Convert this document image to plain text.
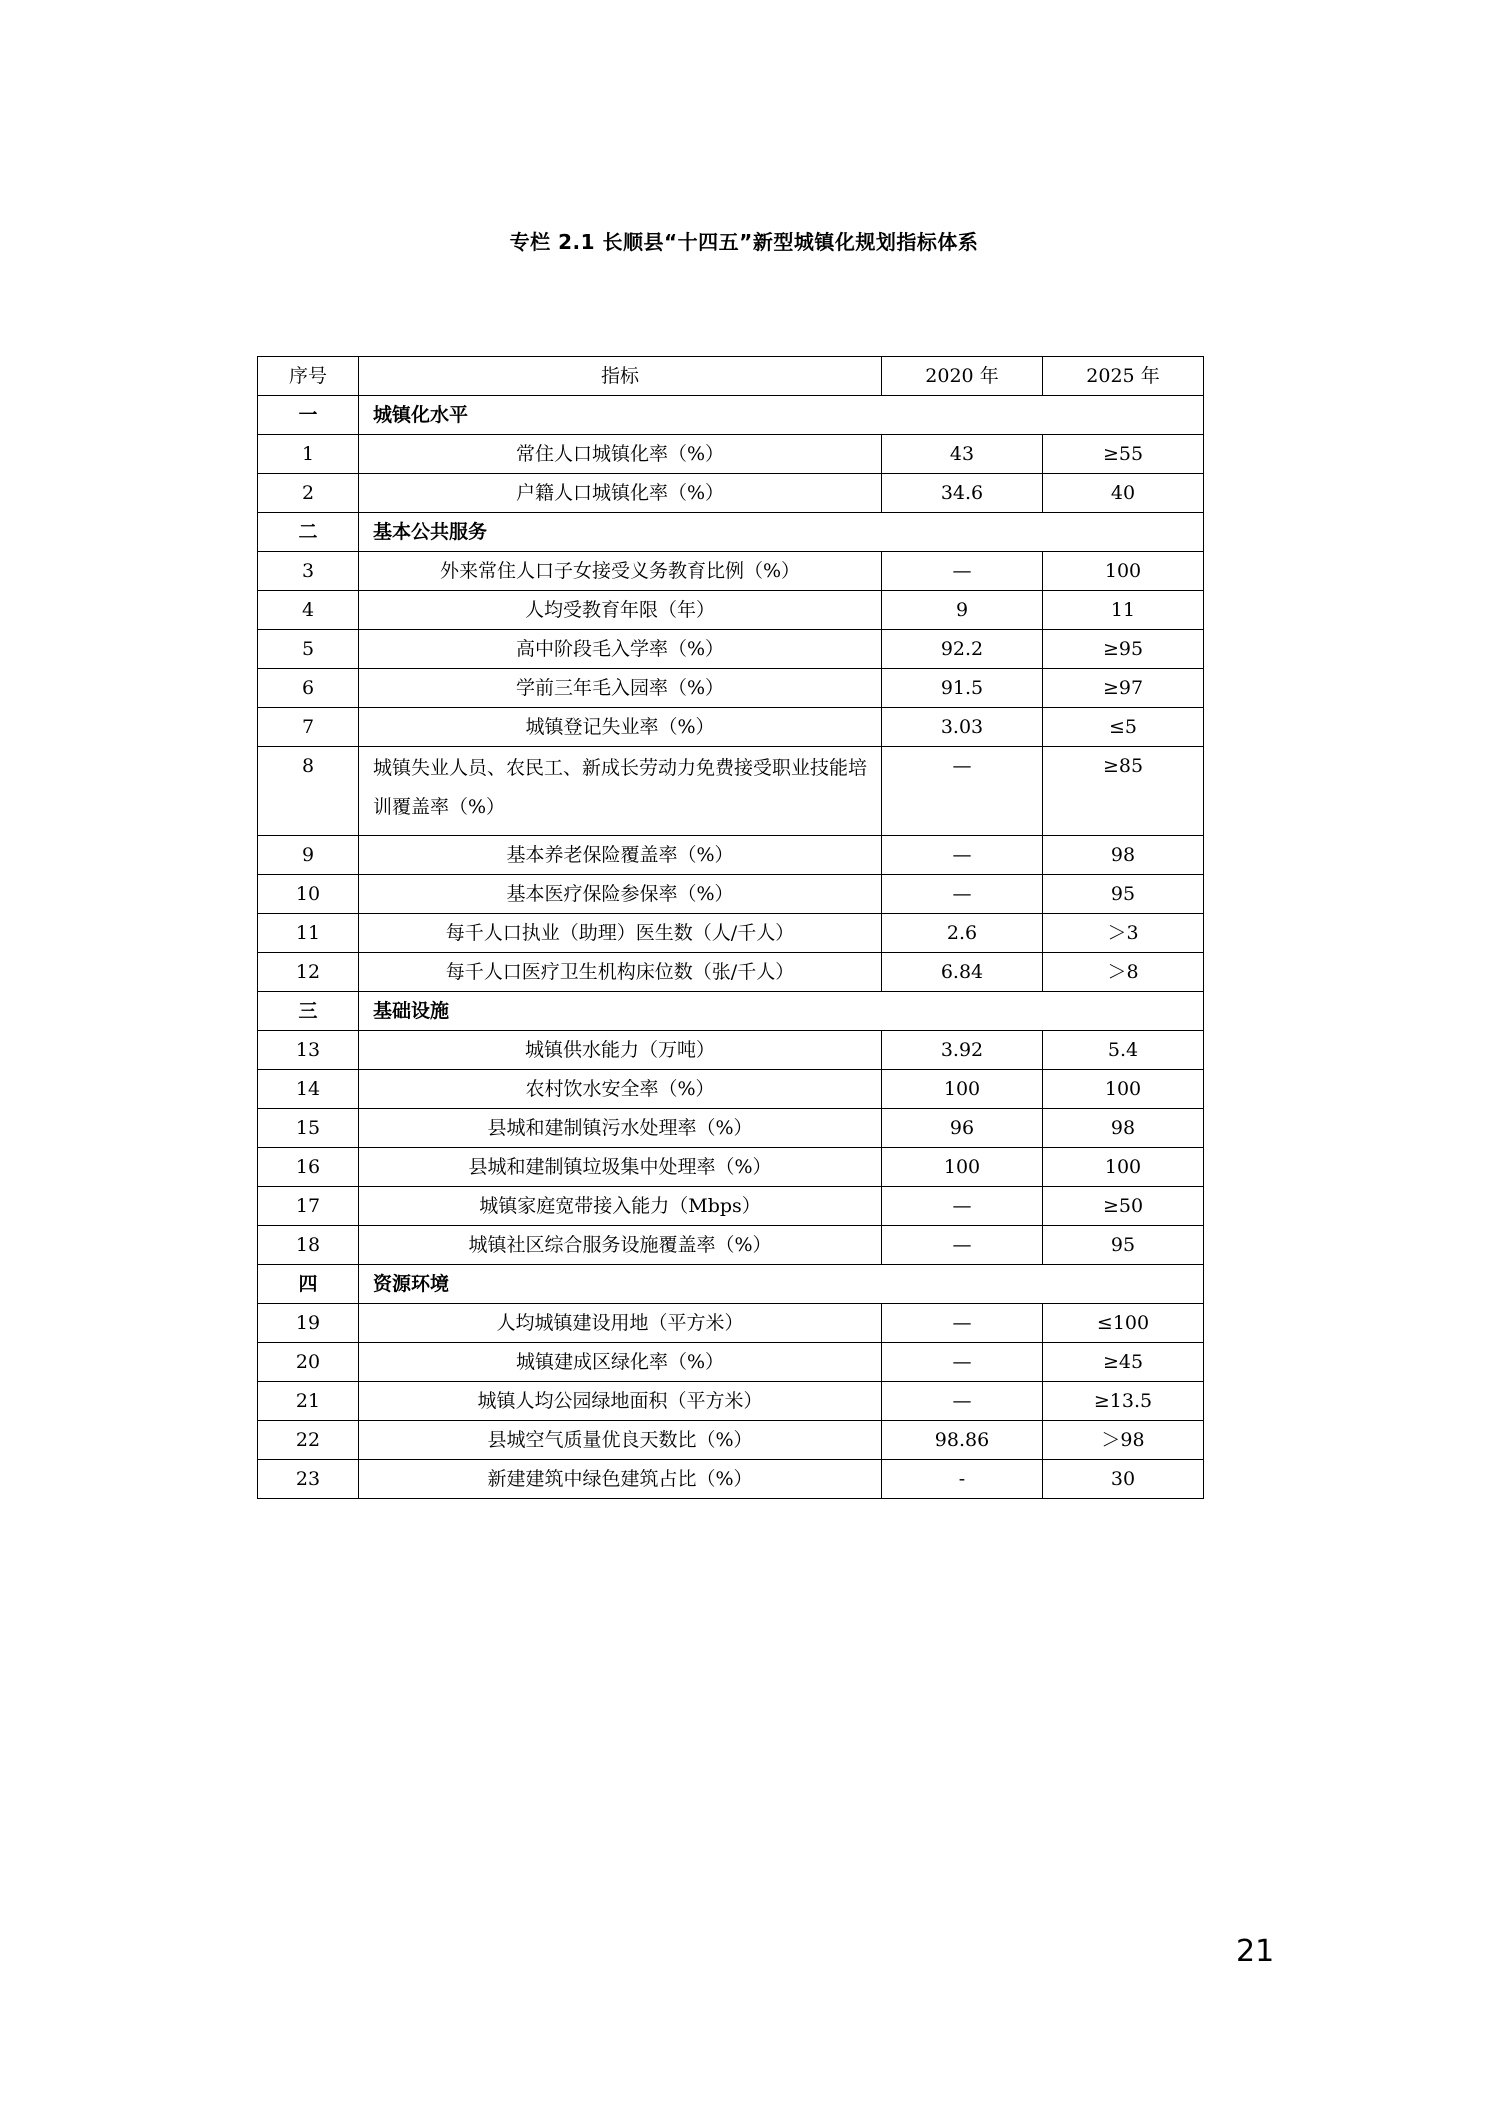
专栏 2.1 长顺县“十四五”新型城镇化规划指标体系
序号	指标	2020 年	2025 年
一	城镇化水平		
1	常住人口城镇化率（%）	43	≥55
2	户籍人口城镇化率（%）	34.6	40
二	基本公共服务		
3	外来常住人口子女接受义务教育比例（%）	—	100
4	人均受教育年限（年）	9	11
5	高中阶段毛入学率（%）	92.2	≥95
6	学前三年毛入园率（%）	91.5	≥97
7	城镇登记失业率（%）	3.03	≤5
8	城镇失业人员、农民工、新成长劳动力免费接受职业技能培训覆盖率（%）	—	≥85
9	基本养老保险覆盖率（%）	—	98
10	基本医疗保险参保率（%）	—	95
11	每千人口执业（助理）医生数（人/千人）	2.6	＞3
12	每千人口医疗卫生机构床位数（张/千人）	6.84	＞8
三	基础设施		
13	城镇供水能力（万吨）	3.92	5.4
14	农村饮水安全率（%）	100	100
15	县城和建制镇污水处理率（%）	96	98
16	县城和建制镇垃圾集中处理率（%）	100	100
17	城镇家庭宽带接入能力（Mbps）	—	≥50
18	城镇社区综合服务设施覆盖率（%）	—	95
四	资源环境		
19	人均城镇建设用地（平方米）	—	≤100
20	城镇建成区绿化率（%）	—	≥45
21	城镇人均公园绿地面积（平方米）	—	≥13.5
22	县城空气质量优良天数比（%）	98.86	＞98
23	新建建筑中绿色建筑占比（%）	-	30
21
